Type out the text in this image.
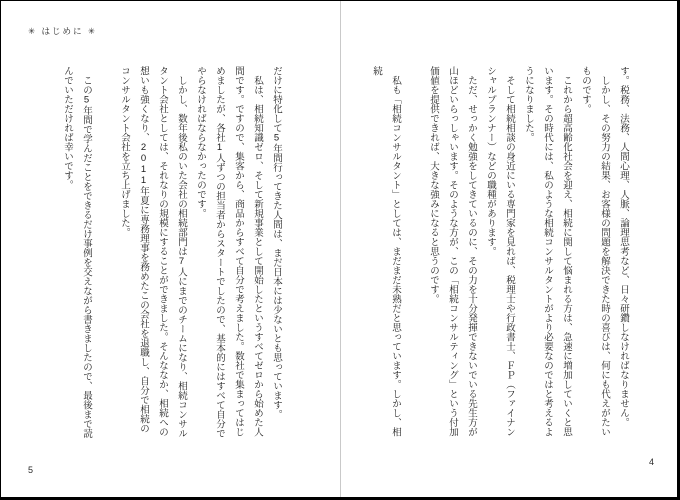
✳ はじめに ✳

だけに特化して5年間行ってきた人間は、まだ日本には少ないとも思っています。

　私は、相続知識ゼロ、そして新規事業として開始したというすべてゼロから始めた人間です。ですので、集客から、商品からすべて自分で考えました。数社で集まってはじめましたが、各社1人ずつの担当者からスタートでしたので、基本的にはすべて自分でやらなければならなかったのです。

　しかし、数年後私のいた会社の相続部門は7人にまでのチームになり、相続コンサルタント会社としては、それなりの規模にすることができました。そんななか、相続への想いも強くなり、2011年夏に専務理事を務めたこの会社を退職し、自分で相続のコンサルタント会社を立ち上げました。

　この5年間で学んだことをできるだけ事例を交えながら書きましたので、最後まで読んでいただければ幸いです。

5

す。税務、法務、人間心理、人脈、論理思考など、日々研鑽しなければなりません。

　しかし、その努力の結果、お客様の問題を解決できた時の喜びは、何にも代えがたいものです。

　これから超高齢化社会を迎え、相続に関して悩まれる方は、急速に増加していくと思います。その時代には、私のような相続コンサルタントがより必要なのではと考えるようになりました。

　そして相続相談の身近にいる専門家を見れば、税理士や行政書士、ＦＰ（ファイナンシャルプランナー）などの職種があります。

　ただ、せっかく勉強をしてきているのに、その力を十分発揮できないでいる先生方が山ほどいらっしゃいます。そのような方が、この「相続コンサルティング」という付加価値を提供できれば、大きな強みになると思うのです。

　私も「相続コンサルタント」としては、まだまだ未熟だと思っています。しかし、相続

4
